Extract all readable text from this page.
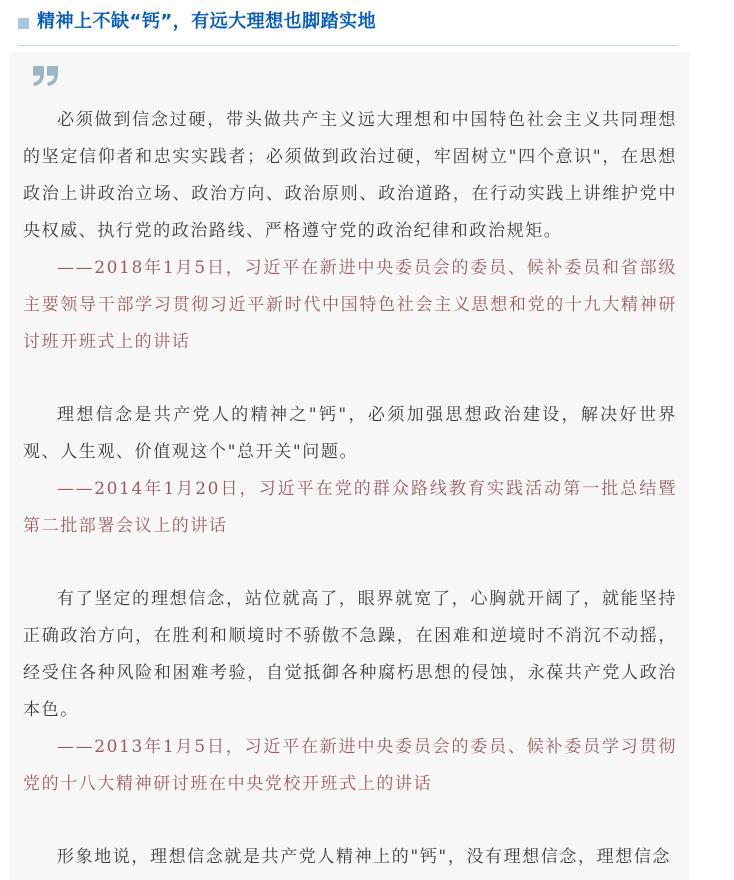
精神上不缺“钙”，有远大理想也脚踏实地

必须做到信念过硬，带头做共产主义远大理想和中国特色社会主义共同理想的坚定信仰者和忠实实践者；必须做到政治过硬，牢固树立"四个意识"，在思想政治上讲政治立场、政治方向、政治原则、政治道路，在行动实践上讲维护党中央权威、执行党的政治路线、严格遵守党的政治纪律和政治规矩。

——2018年1月5日，习近平在新进中央委员会的委员、候补委员和省部级主要领导干部学习贯彻习近平新时代中国特色社会主义思想和党的十九大精神研讨班开班式上的讲话

理想信念是共产党人的精神之"钙"，必须加强思想政治建设，解决好世界观、人生观、价值观这个"总开关"问题。

——2014年1月20日，习近平在党的群众路线教育实践活动第一批总结暨第二批部署会议上的讲话

有了坚定的理想信念，站位就高了，眼界就宽了，心胸就开阔了，就能坚持正确政治方向，在胜利和顺境时不骄傲不急躁，在困难和逆境时不消沉不动摇，经受住各种风险和困难考验，自觉抵御各种腐朽思想的侵蚀，永葆共产党人政治本色。

——2013年1月5日，习近平在新进中央委员会的委员、候补委员学习贯彻党的十八大精神研讨班在中央党校开班式上的讲话

形象地说，理想信念就是共产党人精神上的"钙"，没有理想信念，理想信念
